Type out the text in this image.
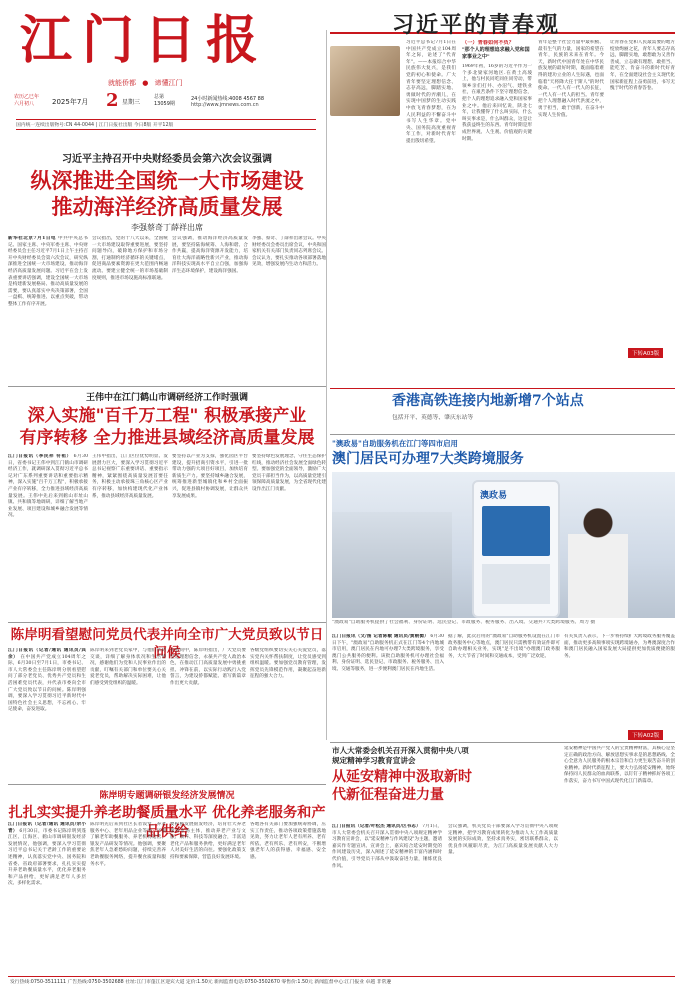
江门日报
就能侨都 ● 谛懂江门
农历乙巳年
六月初八	2025年7月 2 星期三
总第
13059期
24小时新闻热线:4008 4567 88
http://www.jmnews.com.cn
国内统一连续出版物号:CN 44-0044 | 江门日报社出版 今日8版 开平12版
习近平的青春观
习近平总书记7月1日在中国共产党成立104周年之际，论述了"代青年"。——本报综合中华民族伟大复兴，是我们党的初心和使命。广大青年要坚定理想信念、志存高远，脚踏实地、勇做时代的弄潮儿，在实现中国梦的生动实践中放飞青春梦想，在为人民利益的不懈奋斗中书写人生华章。党中央、国务院高度重视青年工作，对新时代青年提出殷切希望。
（一）青春如何不负？
"那个人的理想追求融入党和国家事业之中"
1969年初，16岁的习近平作为一个多北梁家河地区.在黄土高坡上，他与村民同吃同住同劳动，带领乡亲们打井、办沼气、建铁业社，在艰苦条件下坚守理想信念，把个人的理想追求融入党和国家事业之中。他后来回忆说，陕北七年，让我懂得了什么叫实际，什么叫实事求是，什么叫群众，这是让我获益终生的东西。青年时期是形成世界观、人生观、价值观的关键时期。
青年是整个社会力量中最积极、最有生气的力量，国家的希望在青年，民族的未来在青年。今天，新时代中国青年处在中华民族发展的最好时期，既面临着难得的建功立业的人生际遇，也面临着"天将降大任于斯人"的时代使命。一代人有一代人的长征，一代人有一代人的担当。青年要把个人理想融入时代洪流之中，勇于担当，敢于创新，在奋斗中实现人生价值。
让青春在党和人民最需要的地方绽放绚丽之花，青年人要志存高远，脚踏实地，敢想敢为又善作善成，立志做有理想、敢担当、能吃苦、肯奋斗的新时代好青年，在全面建设社会主义现代化国家新征程上奋勇前进，书写无愧于时代的青春答卷。
下转A03版
习近平主持召开中央财经委员会第六次会议强调
纵深推进全国统一大市场建设
推动海洋经济高质量发展
李强蔡奇丁薛祥出席
新华社北京7月1日电 中共中央总书记、国家主席、中央军委主席、中央财经委员会主任习近平7月1日上午主持召开中央财经委员会第六次会议，研究纵深推进全国统一大市场建设、推动海洋经济高质量发展问题。习近平在会上发表重要讲话强调，建设全国统一大市场是构建新发展格局、推动高质量发展的需要，要认真落实中央决策部署，全国一盘棋、统筹推进、以重点突破，带动整体工作有序开展。
会议指出，党的十八大以来，全国统一大市场建设取得重要进展，要坚持问题导向，破除地方保护和市场分割，打通制约经济循环的关键堵点，促进商品要素资源在更大范围内畅通流动。要建立健全统一的市场基础制度规则，推进市场设施高标准联通。
会议强调，推动海洋经济高质量发展，要坚持陆海统筹、人海和谐、合作共赢，提高海洋资源开发能力，培育壮大海洋战略性新兴产业，推动海洋科技实现高水平自立自强，加强海洋生态环境保护，建设海洋强国。
李强、蔡奇、丁薛祥出席会议。中央财经委员会委员出席会议，中央和国家机关有关部门负责同志列席会议。会议认为，要扎实推动各项部署落地见效，增强发展内生动力和活力。
王伟中在江门鹤山市调研经济工作时强调
深入实施"百千万工程" 积极承接产业
有序转移 全力推进县域经济高质量发展
江门日报讯（李民祥 符祖） 6月30日，省委书记王伟中到江门鹤山市调研经济工作，就调研深入贯彻习近平总书记对广东系列重要讲话和重要指示精神，深入实施"百千万工程"，积极承接产业有序转移，全力推进县域经济高质量发展。王伟中先后来到鹤山市址山镇、共和镇等地调研，详细了解当地产业发展、项目建设和城乡融合发展等情况。
王伟中指出，江门区位优势明显、发展潜力巨大，要深入学习贯彻习近平总书记视察广东重要讲话、重要指示精神，紧紧围绕高质量发展首要任务，积极主动承接珠三角核心区产业有序转移，加快构建现代化产业体系，推动县域经济高质量发展。
要坚持以产业为支撑，强化园区平台建设，提升招商引资水平，引进一批带动力强的大项目好项目，加快培育新质生产力。要坚持城乡融合发展，统筹推进新型城镇化和乡村全面振兴，促进县镇村协调发展，让群众共享发展成果。
要坚持绿色发展理念，守住生态保护红线，推动经济社会发展全面绿色转型。要加强党的全面领导，激励广大党员干部担当作为，以高质量党建引领保障高质量发展，为全省现代化建设作出江门贡献。
陈岸明看望慰问党员代表并向全市广大党员致以节日问候
江门日报讯（记者/通讯 通讯员/宾余） 在中国共产党成立104周年之际，6月30日至7月1日，市委书记、市人大常委会主任陈岸明分别看望慰问了部分老党员、优秀共产党员和生活困难党员代表，并代表市委向全市广大党员致以节日的问候。陈岸明强调，要深入学习贯彻习近平新时代中国特色社会主义思想，不忘初心、牢记使命，奋发进取。
陈岸明来到老党员家中，与他们亲切交谈，详细了解身体状况和生活情况，感谢他们为党和人民事业作出的贡献，叮嘱有关部门和单位要关心关爱老党员，帮助解决实际困难，让他们感受到党组织的温暖。
在慰问中，陈岸明指出，广大党员要坚定理想信念，永葆共产党人政治本色，在推动江门高质量发展中勇挑重担、冲锋在前，以实际行动践行入党誓言，为建设侨都赋能、谱写新篇章作出更大贡献。
各级党组织要切实关心关爱党员，落实党内关怀帮扶制度，让党员感受到组织温暖。要加强党员教育管理，发挥党员先锋模范作用，凝聚起奋进新征程的强大合力。
陈岸明专题调研银发经济发展情况
扎扎实实提升养老助餐质量水平 优化养老服务和产品供给
江门日报讯（记者/通讯 通讯员/余小青） 6月30日，市委书记陈岸明到蓬江区、江海区、鹤山市调研银发经济发展情况，他强调，要深入学习贯彻习近平总书记关于老龄工作的重要论述精神，认真落实党中央、国务院和省委、省政府部署要求，扎扎实实提升养老助餐质量水平，优化养老服务和产品供给，更好满足老年人多层次、多样化需求。
陈岸明先后来到社区长者饭堂、养老服务中心、老年用品企业等地，详细了解老年助餐服务、养老机构运营、银发产品研发等情况。他强调，要聚焦老年人急难愁盼问题，持续完善养老助餐服务网络，提升餐食质量和服务水平。
要积极发展银发经济，培育壮大养老服务市场主体，推动养老产业与文旅、康养、科技等深度融合，丰富适老化产品和服务供给，更好满足老年人对美好生活的向往。要强化政策支持和要素保障，营造良好发展环境。
各地各有关部门要加强统筹协调，压实工作责任，推动各项政策措施落地见效，努力让老年人老有所养、老有所依、老有所乐、老有所安，不断增强老年人的获得感、幸福感、安全感。
香港高铁连接内地新增7个站点
包括开平、英德等、肇庆东站等
"澳政易"自助服务机在江门等四市启用
澳门居民可办理7大类跨境服务
澳政易
"澳政易"自助服务机提供了社会福利、身份证明、选民登记、市政服务、税务服务、出入境、交通共7大类跨境服务。周力 摄
江门日报讯（文/图 记者陈敏 通讯员/黄朝衡） 6月30日下午，"澳政易"自助服务机正式在江门等4个内地城市启用，澳门居民在内地可办理7大类跨境服务，享受澳门公共服务的便利。该批自助服务机可办理社会福利、身份证明、选民登记、市政服务、税务服务、出入境、交通等服务，进一步便利澳门居民在内地生活。
据了解，此次启用的"澳政易"自助服务机设置在江门市政务服务中心等地点，澳门居民只需携带有效证件即可自助办理相关业务，实现"足不出境"办理澳门政务服务，大大节省了时间和交通成本，受到广泛欢迎。
有关负责人表示，下一步将持续扩大跨境政务服务覆盖面，推动更多高频事项实现跨境通办，为粤澳深度合作和澳门居民融入国家发展大局提供更加优质便捷的服务。
下转A02版
市人大常委会机关召开深入贯彻中央八项规定精神学习教育宣讲会
从延安精神中汲取新时代新征程奋进力量
江门日报讯（记者/叶松杰 通讯员/区书志） 7月1日，市人大常委会机关召开深入贯彻中央八项规定精神学习教育宣讲会，以"延安精神与作风建设"为主题，邀请嘉宾作专题宣讲。宣讲会上，嘉宾结合延安时期党的作风建设历史，深入阐述了延安精神的丰富内涵和时代价值，引导党员干部从中汲取奋进力量，锤炼优良作风。
会议强调，机关党员干部要深入学习贯彻中央八项规定精神，把学习教育成果转化为推动人大工作高质量发展的实际成效，坚持求真务实，密切联系群众，以优良作风履职尽责，为江门高质量发展贡献人大力量。
延安精神是中国共产党人的宝贵精神财富，其核心是坚定正确的政治方向、解放思想实事求是的思想路线、全心全意为人民服务的根本宗旨和自力更生艰苦奋斗的创业精神。新时代新征程上，要大力弘扬延安精神，始终保持同人民群众的血肉联系，以钉钉子精神抓好各项工作落实，奋力书写中国式现代化江门新篇章。
发行热线:0750-3511111 广告热线:0750-3502688 社址:江门市蓬江区迎宾大道 定价:1.50元 新闻监督电话:0750-3502670 零售价:1.50元 新闻监督中心:江门报业 卓越 非常遵
